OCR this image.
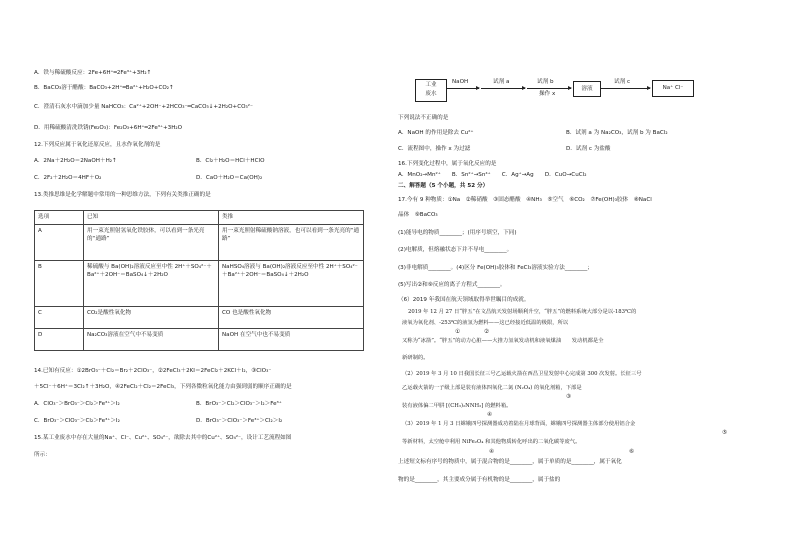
A．铁与稀硫酸反应：2Fe+6H⁺═2Fe³⁺+3H₂↑
B．BaCO₃溶于醋酸：BaCO₃+2H⁺═Ba²⁺+H₂O+CO₂↑
C．澄清石灰水中滴加少量 NaHCO₃：Ca²⁺+2OH⁻+2HCO₃⁻═CaCO₃↓+2H₂O+CO₃²⁻
D．用稀硫酸清洗铁锈(Fe₂O₃)：Fe₂O₃+6H⁺═2Fe³⁺+3H₂O
12.下列反应属于氧化还原反应，且水作氧化剂的是
A．2Na＋2H₂O＝2NaOH＋H₂↑	B．Cl₂＋H₂O＝HCl＋HClO
C．2F₂＋2H₂O＝4HF＋O₂	D．CaO＋H₂O＝Ca(OH)₂
13.类推思维是化学解题中常用的一种思维方法，下列有关类推正确的是
选项	已知	类推
A	用一束光照射氢氧化铁胶体，可以看到一条光亮的“通路”	用一束光照射稀硫酸钠溶液，也可以看到一条光亮的“通路”
B	稀硫酸与 Ba(OH)₂溶液反应至中性 2H⁺＋SO₄²⁻＋Ba²⁺＋2OH⁻＝BaSO₄↓＋2H₂O	NaHSO₄溶液与 Ba(OH)₂溶液反应至中性 2H⁺＋SO₄²⁻＋Ba²⁺＋2OH⁻＝BaSO₄↓＋2H₂O
C	CO₂是酸性氧化物	CO 也是酸性氧化物
D	Na₂CO₃溶液在空气中不易变质	NaOH 在空气中也不易变质
14.已知有反应：①2BrO₃⁻＋Cl₂＝Br₂＋2ClO₃⁻，②2FeCl₃＋2KI＝2FeCl₂＋2KCl＋I₂，③ClO₃⁻
＋5Cl⁻＋6H⁺＝3Cl₂↑＋3H₂O，④2FeCl₂＋Cl₂＝2FeCl₃，下列各微粒氧化能力由强到弱的顺序正确的是
A．ClO₃⁻＞BrO₃⁻＞Cl₂＞Fe³⁺＞I₂	B．BrO₃⁻＞Cl₂＞ClO₃⁻＞I₂＞Fe³⁺
C．BrO₃⁻＞ClO₃⁻＞Cl₂＞Fe³⁺＞I₂	D．BrO₃⁻＞ClO₃⁻＞Fe³⁺＞Cl₂＞I₂
15.某工业废水中存在大量的Na⁺、Cl⁻、Cu²⁺、SO₄²⁻，欲除去其中的Cu²⁺、SO₄²⁻，设计工艺流程如图
所示：
工业
废水
NaOH	试剂 a	试剂 b
操作 x
溶液
试剂 c
Na⁺ Cl⁻
下列说法不正确的是
A．NaOH 的作用是除去 Cu²⁺	B．试剂 a 为 Na₂CO₃，试剂 b 为 BaCl₂
C．流程图中，操作 x 为过滤	D．试剂 c 为盐酸
16.下列变化过程中，属于氧化反应的是
A．MnO₂→Mn²⁺　　B．Sn²⁺→Sn⁴⁺　　C．Ag⁺→Ag　　D．CuO→CuCl₂
二、解答题（5 个小题，共 52 分）
17.今有 9 种物质：①Na　②稀硝酸　③固态醋酸　④NH₃　⑤空气　⑥CO₂　⑦Fe(OH)₃胶体　⑧NaCl
晶体　⑨BaCO₃
(1)能导电的物质________；(用序号填空，下同)
(2)电解质，但熔融状态下并不导电________。
(3)非电解质________。(4)区分 Fe(OH)₃胶体和 FeCl₃溶液实验方法________；
(5)写出②和⑨反应的离子方程式________。
（6）2019 年我国在航天领域取得举世瞩目的成就。
2019 年 12 月 27 日“胖五”在文昌航天发射场顺利升空，“胖五”的燃料系统大部分是以-183℃的
液氧为氧化剂、-253℃的液氢为燃料——这已经接近低温的极限，所以
①	②
又称为“冰箭”。“胖五”的动力心脏——大推力氢氧发动机和液氧煤油　　发动机都是全
新研制的。
（2）2019 年 3 月 10 日我国长征三号乙运载火箭在西昌卫星发射中心完成第 300 次发射。长征三号
乙运载火箭的一子级上部是装有液体四氧化二氮 (N₂O₄) 的氧化剂箱，下部是
③
装有液体偏二甲肼 [(CH₃)₂NNH₂] 的燃料箱。
④
（3）2019 年 1 月 3 日嫦娥四号探测器成功着陆在月球背面，嫦娥四号探测器主体部分使用铝合金
⑤
等新材料，太空舱中利用 NiFe₂O₄ 和其他物质转化呼出的二氧化碳等废气。
④	⑥
上述短文标有序号的物质中，属于混合物的是________，属于单质的是________，属于氧化
物的是________，其主要成分属于有机物的是________，属于盐的
